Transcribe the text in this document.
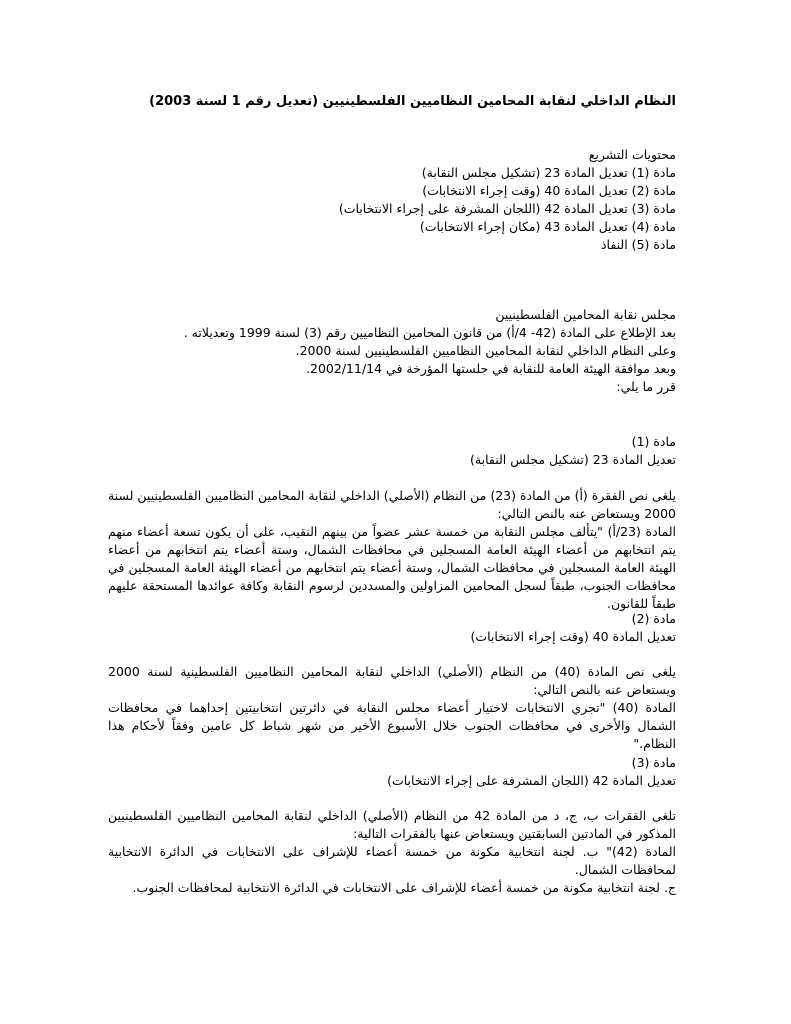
النظام الداخلي لنقابة المحامين النظاميين الفلسطينيين (تعديل رقم 1 لسنة 2003)
محتويات التشريع
مادة (1) تعديل المادة 23 (تشكيل مجلس النقابة)
مادة (2) تعديل المادة 40 (وقت إجراء الانتخابات)
مادة (3) تعديل المادة 42 (اللجان المشرفة على إجراء الانتخابات)
مادة (4) تعديل المادة 43 (مكان إجراء الانتخابات)
مادة (5) النفاذ
مجلس نقابة المحامين الفلسطينيين
بعد الإطلاع على المادة (42- 4/أ) من قانون المحامين النظاميين رقم (3) لسنة 1999 وتعديلاته .
وعلى النظام الداخلي لنقابة المحامين النظاميين الفلسطينيين لسنة 2000.
وبعد موافقة الهيئة العامة للنقابة في جلستها المؤرخة في 2002/11/14.
قرر ما يلي:
مادة (1)
تعديل المادة 23 (تشكيل مجلس النقابة)
يلغى نص الفقرة (أ) من المادة (23) من النظام (الأصلي) الداخلي لنقابة المحامين النظاميين الفلسطينيين لسنة 2000 ويستعاض عنه بالنص التالي:
المادة (23/أ) "يتألف مجلس النقابة من خمسة عشر عضواً من بينهم النقيب، على أن يكون تسعة أعضاء منهم يتم انتخابهم من أعضاء الهيئة العامة المسجلين في محافظات الشمال، وستة أعضاء يتم انتخابهم من أعضاء الهيئة العامة المسجلين في محافظات الشمال، وستة أعضاء يتم انتخابهم من أعضاء الهيئة العامة المسجلين في محافظات الجنوب، طبقاً لسجل المحامين المزاولين والمسددين لرسوم النقابة وكافة عوائدها المستحقة عليهم طبقاً للقانون.
مادة (2)
تعديل المادة 40 (وقت إجراء الانتخابات)
يلغى نص المادة (40) من النظام (الأصلي) الداخلي لنقابة المحامين النظاميين الفلسطينية لسنة 2000 ويستعاض عنه بالنص التالي:
المادة (40) "تجري الانتخابات لاختيار أعضاء مجلس النقابة في دائرتين انتخابيتين إحداهما في محافظات الشمال والأخرى في محافظات الجنوب خلال الأسبوع الأخير من شهر شباط كل عامين وفقاً لأحكام هذا النظام."
مادة (3)
تعديل المادة 42 (اللجان المشرفة على إجراء الانتخابات)
تلغى الفقرات ب، ج، د من المادة 42 من النظام (الأصلي) الداخلي لنقابة المحامين النظاميين الفلسطينيين المذكور في المادتين السابقتين ويستعاض عنها بالفقرات التالية:
المادة (42)" ب. لجنة انتخابية مكونة من خمسة أعضاء للإشراف على الانتخابات في الدائرة الانتخابية لمحافظات الشمال.
ج. لجنة انتخابية مكونة من خمسة أعضاء للإشراف على الانتخابات في الدائرة الانتخابية لمحافظات الجنوب.
